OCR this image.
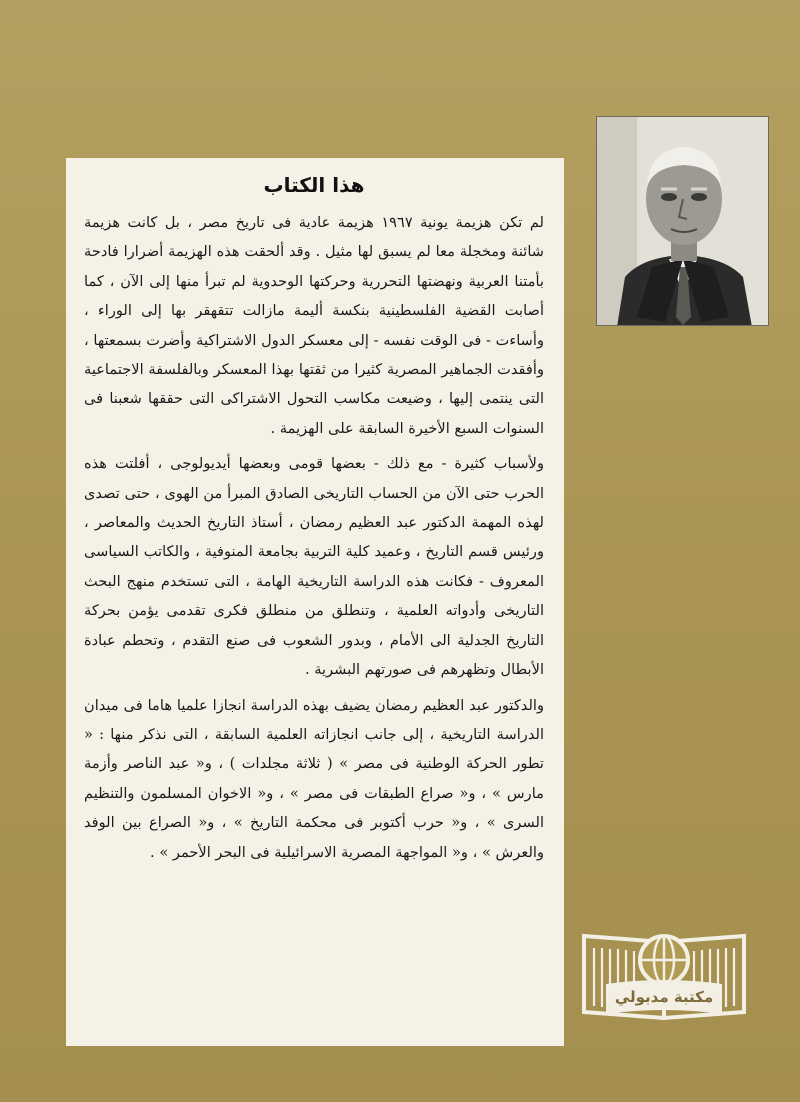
هذا الكتاب

لم تكن هزيمة يونية ١٩٦٧ هزيمة عادية فى تاريخ مصر ، بل كانت هزيمة شائنة ومخجلة معا لم يسبق لها مثيل . وقد ألحقت هذه الهزيمة أضرارا فادحة بأمتنا العربية ونهضتها التحررية وحركتها الوحدوية لم تبرأ منها إلى الآن ، كما أصابت القضية الفلسطينية بنكسة أليمة مازالت تتقهقر بها إلى الوراء ، وأساءت - فى الوقت نفسه - إلى معسكر الدول الاشتراكية وأضرت بسمعتها ، وأفقدت الجماهير المصرية كثيرا من ثقتها بهذا المعسكر وبالفلسفة الاجتماعية التى ينتمى إليها ، وضيعت مكاسب التحول الاشتراكى التى حققها شعبنا فى السنوات السبع الأخيرة السابقة على الهزيمة .

ولأسباب كثيرة - مع ذلك - بعضها قومى وبعضها أيديولوجى ، أفلتت هذه الحرب حتى الآن من الحساب التاريخى الصادق المبرأ من الهوى ، حتى تصدى لهذه المهمة الدكتور عبد العظيم رمضان ، أستاذ التاريخ الحديث والمعاصر ، ورئيس قسم التاريخ ، وعميد كلية التربية بجامعة المنوفية ، والكاتب السياسى المعروف - فكانت هذه الدراسة التاريخية الهامة ، التى تستخدم منهج البحث التاريخى وأدواته العلمية ، وتنطلق من منطلق فكرى تقدمى يؤمن بحركة التاريخ الجدلية الى الأمام ، وبدور الشعوب فى صنع التقدم ، وتحطم عبادة الأبطال وتظهرهم فى صورتهم البشرية .

والدكتور عبد العظيم رمضان يضيف بهذه الدراسة انجازا علميا هاما فى ميدان الدراسة التاريخية ، إلى جانب انجازاته العلمية السابقة ، التى نذكر منها : « تطور الحركة الوطنية فى مصر » ( ثلاثة مجلدات ) ، و« عبد الناصر وأزمة مارس » ، و« صراع الطبقات فى مصر » ، و« الاخوان المسلمون والتنظيم السرى » ، و« حرب أكتوبر فى محكمة التاريخ » ، و« الصراع بين الوفد والعرش » ، و« المواجهة المصرية الاسرائيلية فى البحر الأحمر » .

مكتبة مدبولي
